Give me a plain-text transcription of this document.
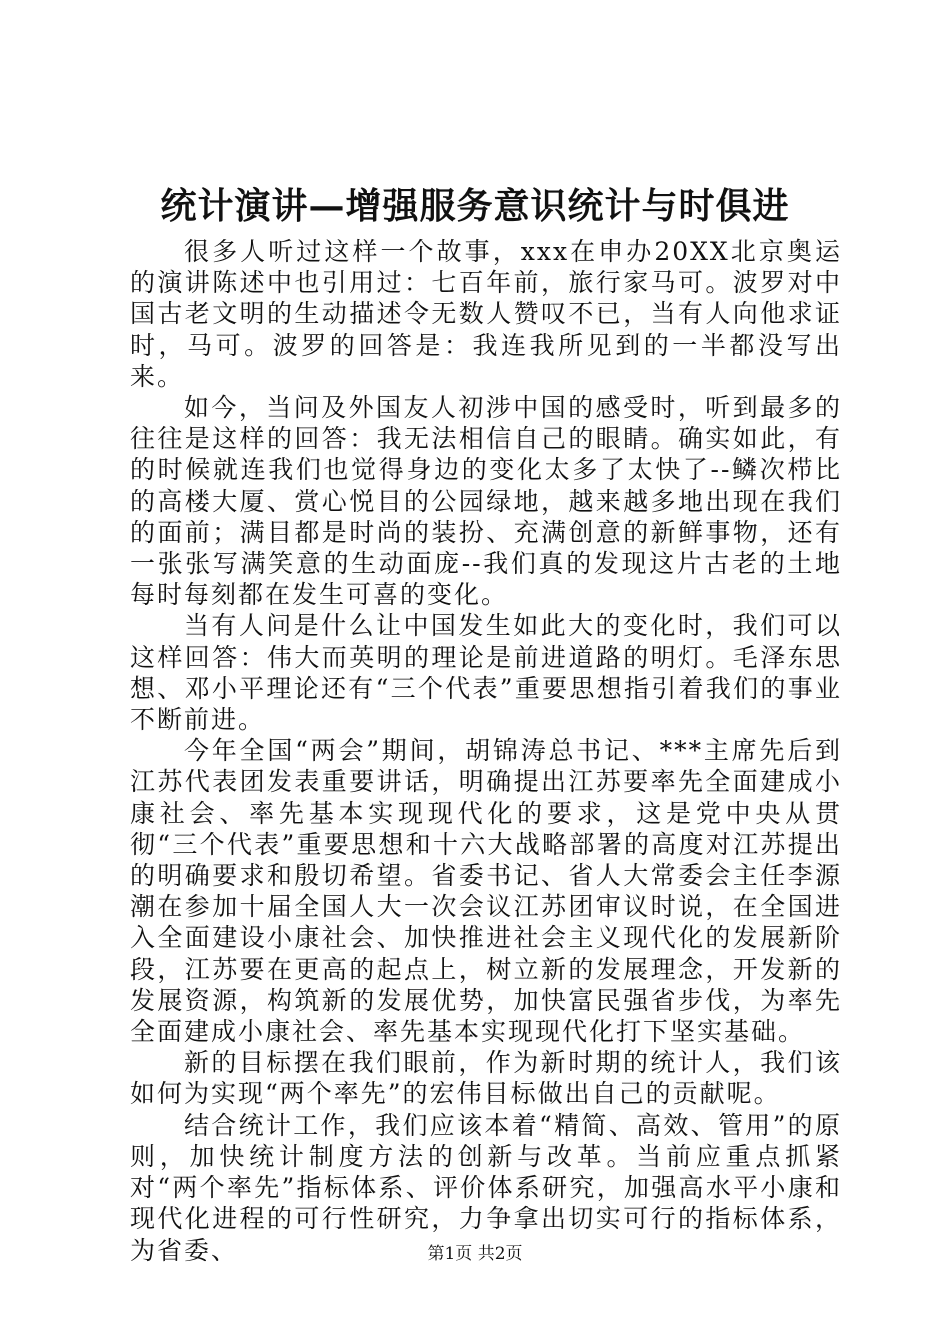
统计演讲—增强服务意识统计与时俱进

很多人听过这样一个故事，xxx在申办20XX北京奥运的演讲陈述中也引用过：七百年前，旅行家马可。波罗对中国古老文明的生动描述令无数人赞叹不已，当有人向他求证时，马可。波罗的回答是：我连我所见到的一半都没写出来。

如今，当问及外国友人初涉中国的感受时，听到最多的往往是这样的回答：我无法相信自己的眼睛。确实如此，有的时候就连我们也觉得身边的变化太多了太快了--鳞次栉比的高楼大厦、赏心悦目的公园绿地，越来越多地出现在我们的面前；满目都是时尚的装扮、充满创意的新鲜事物，还有一张张写满笑意的生动面庞--我们真的发现这片古老的土地每时每刻都在发生可喜的变化。

当有人问是什么让中国发生如此大的变化时，我们可以这样回答：伟大而英明的理论是前进道路的明灯。毛泽东思想、邓小平理论还有“三个代表”重要思想指引着我们的事业不断前进。

今年全国“两会”期间，胡锦涛总书记、***主席先后到江苏代表团发表重要讲话，明确提出江苏要率先全面建成小康社会、率先基本实现现代化的要求，这是党中央从贯彻“三个代表”重要思想和十六大战略部署的高度对江苏提出的明确要求和殷切希望。省委书记、省人大常委会主任李源潮在参加十届全国人大一次会议江苏团审议时说，在全国进入全面建设小康社会、加快推进社会主义现代化的发展新阶段，江苏要在更高的起点上，树立新的发展理念，开发新的发展资源，构筑新的发展优势，加快富民强省步伐，为率先全面建成小康社会、率先基本实现现代化打下坚实基础。

新的目标摆在我们眼前，作为新时期的统计人，我们该如何为实现“两个率先”的宏伟目标做出自己的贡献呢。

结合统计工作，我们应该本着“精简、高效、管用”的原则，加快统计制度方法的创新与改革。当前应重点抓紧对“两个率先”指标体系、评价体系研究，加强高水平小康和现代化进程的可行性研究，力争拿出切实可行的指标体系，为省委、	第1页 共2页
